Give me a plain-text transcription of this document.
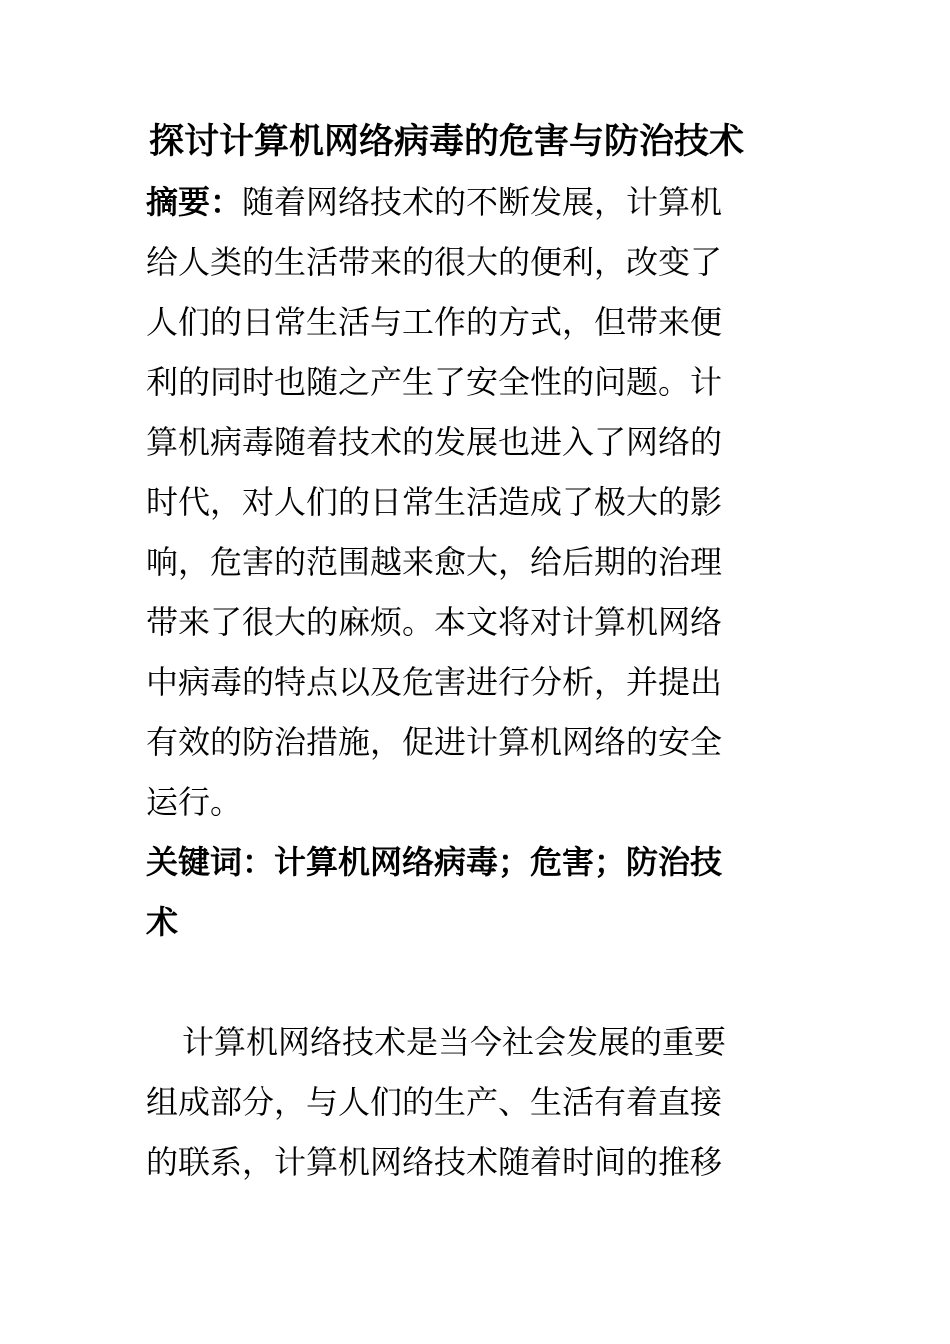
探讨计算机网络病毒的危害与防治技术
摘要：随着网络技术的不断发展，计算机
给人类的生活带来的很大的便利，改变了
人们的日常生活与工作的方式，但带来便
利的同时也随之产生了安全性的问题。计
算机病毒随着技术的发展也进入了网络的
时代，对人们的日常生活造成了极大的影
响，危害的范围越来愈大，给后期的治理
带来了很大的麻烦。本文将对计算机网络
中病毒的特点以及危害进行分析，并提出
有效的防治措施，促进计算机网络的安全
运行。
关键词：计算机网络病毒；危害；防治技
术
计算机网络技术是当今社会发展的重要
组成部分，与人们的生产、生活有着直接
的联系，计算机网络技术随着时间的推移
